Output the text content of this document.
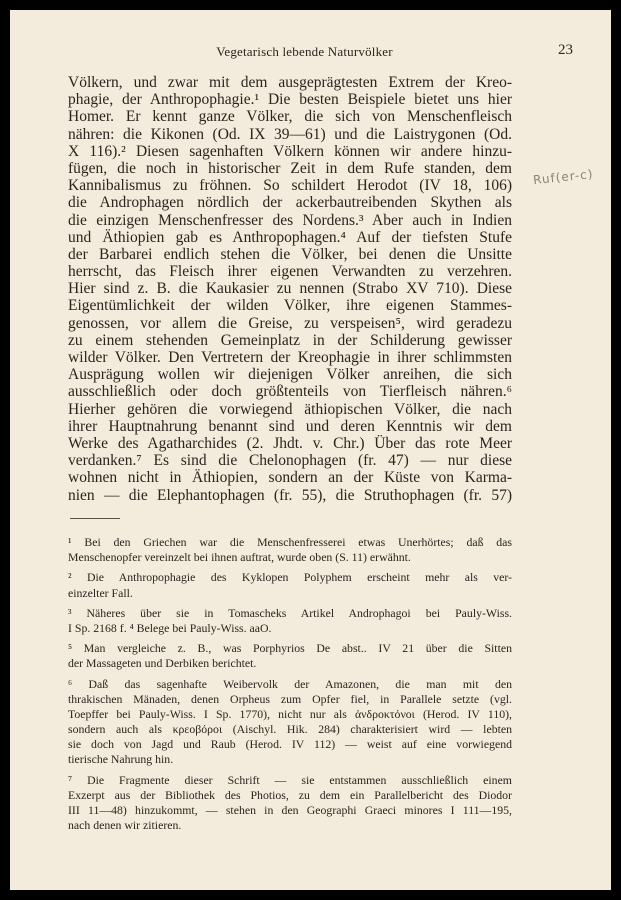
Vegetarisch lebende Naturvölker	23
Völkern, und zwar mit dem ausgeprägtesten Extrem der Kreo-
phagie, der Anthropophagie.¹ Die besten Beispiele bietet uns hier
Homer. Er kennt ganze Völker, die sich von Menschenfleisch
nähren: die Kikonen (Od. IX 39—61) und die Laistrygonen (Od.
X 116).² Diesen sagenhaften Völkern können wir andere hinzu-
fügen, die noch in historischer Zeit in dem Rufe standen, dem
Kannibalismus zu fröhnen. So schildert Herodot (IV 18, 106)
die Androphagen nördlich der ackerbautreibenden Skythen als
die einzigen Menschenfresser des Nordens.³ Aber auch in Indien
und Äthiopien gab es Anthropophagen.⁴ Auf der tiefsten Stufe
der Barbarei endlich stehen die Völker, bei denen die Unsitte
herrscht, das Fleisch ihrer eigenen Verwandten zu verzehren.
Hier sind z. B. die Kaukasier zu nennen (Strabo XV 710). Diese
Eigentümlichkeit der wilden Völker, ihre eigenen Stammes-
genossen, vor allem die Greise, zu verspeisen⁵, wird geradezu
zu einem stehenden Gemeinplatz in der Schilderung gewisser
wilder Völker. Den Vertretern der Kreophagie in ihrer schlimmsten
Ausprägung wollen wir diejenigen Völker anreihen, die sich
ausschließlich oder doch größtenteils von Tierfleisch nähren.⁶
Hierher gehören die vorwiegend äthiopischen Völker, die nach
ihrer Hauptnahrung benannt sind und deren Kenntnis wir dem
Werke des Agatharchides (2. Jhdt. v. Chr.) Über das rote Meer
verdanken.⁷ Es sind die Chelonophagen (fr. 47) — nur diese
wohnen nicht in Äthiopien, sondern an der Küste von Karma-
nien — die Elephantophagen (fr. 55), die Struthophagen (fr. 57)
¹ Bei den Griechen war die Menschenfresserei etwas Unerhörtes; daß das
Menschenopfer vereinzelt bei ihnen auftrat, wurde oben (S. 11) erwähnt.
² Die Anthropophagie des Kyklopen Polyphem erscheint mehr als ver-
einzelter Fall.
³ Näheres über sie in Tomascheks Artikel Androphagoi bei Pauly-Wiss.
I Sp. 2168 f. ⁴ Belege bei Pauly-Wiss. aaO.
⁵ Man vergleiche z. B., was Porphyrios De abst.. IV 21 über die Sitten
der Massageten und Derbiken berichtet.
⁶ Daß das sagenhafte Weibervolk der Amazonen, die man mit den
thrakischen Mänaden, denen Orpheus zum Opfer fiel, in Parallele setzte (vgl.
Toepffer bei Pauly-Wiss. I Sp. 1770), nicht nur als ἀνδροκτόνοι (Herod. IV 110),
sondern auch als κρεοβόροι (Aischyl. Hik. 284) charakterisiert wird — lebten
sie doch von Jagd und Raub (Herod. IV 112) — weist auf eine vorwiegend
tierische Nahrung hin.
⁷ Die Fragmente dieser Schrift — sie entstammen ausschließlich einem
Exzerpt aus der Bibliothek des Photios, zu dem ein Parallelbericht des Diodor
III 11—48) hinzukommt, — stehen in den Geographi Graeci minores I 111—195,
nach denen wir zitieren.
Ruf(er-c)
